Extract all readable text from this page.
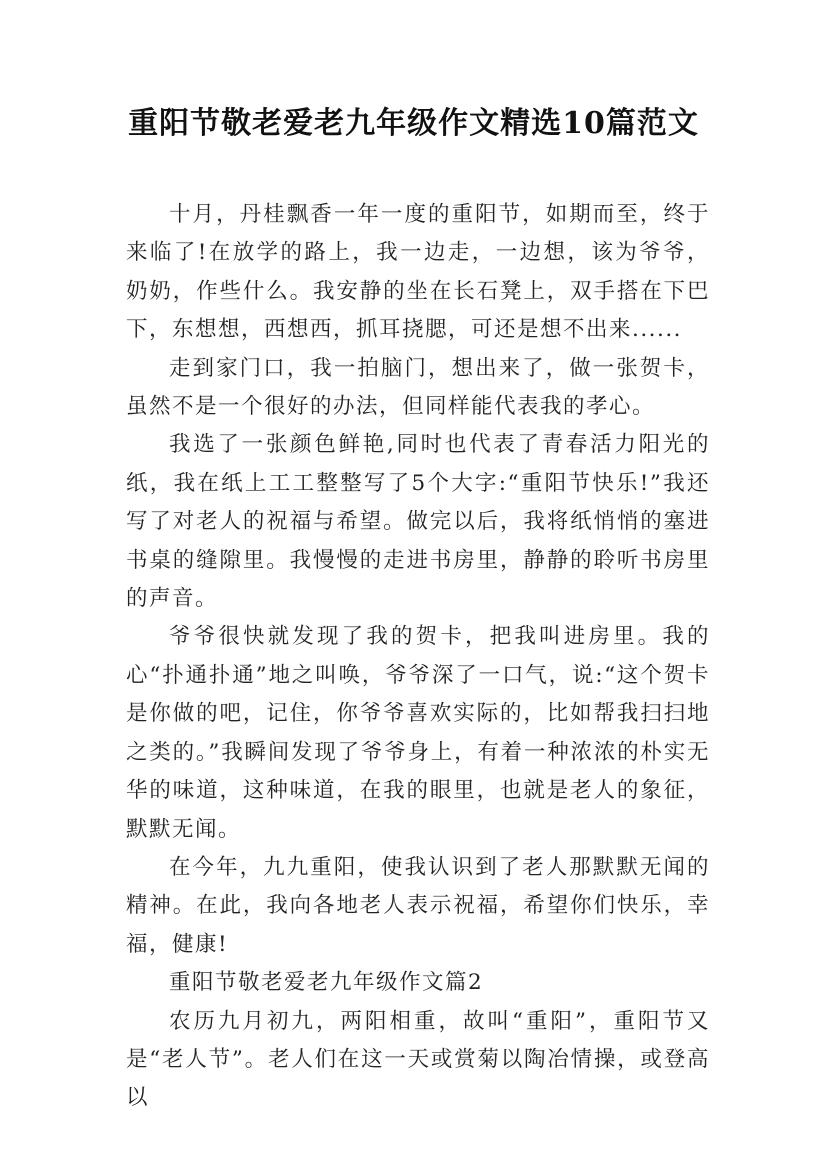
重阳节敬老爱老九年级作文精选10篇范文

十月，丹桂飘香一年一度的重阳节，如期而至，终于来临了!在放学的路上，我一边走，一边想，该为爷爷，奶奶，作些什么。我安静的坐在长石凳上，双手搭在下巴下，东想想，西想西，抓耳挠腮，可还是想不出来......

走到家门口，我一拍脑门，想出来了，做一张贺卡，虽然不是一个很好的办法，但同样能代表我的孝心。

我选了一张颜色鲜艳,同时也代表了青春活力阳光的纸，我在纸上工工整整写了5个大字:“重阳节快乐!”我还写了对老人的祝福与希望。做完以后，我将纸悄悄的塞进书桌的缝隙里。我慢慢的走进书房里，静静的聆听书房里的声音。

爷爷很快就发现了我的贺卡，把我叫进房里。我的心“扑通扑通”地之叫唤，爷爷深了一口气，说:“这个贺卡是你做的吧，记住，你爷爷喜欢实际的，比如帮我扫扫地之类的。”我瞬间发现了爷爷身上，有着一种浓浓的朴实无华的味道，这种味道，在我的眼里，也就是老人的象征，默默无闻。

在今年，九九重阳，使我认识到了老人那默默无闻的精神。在此，我向各地老人表示祝福，希望你们快乐，幸福，健康!

重阳节敬老爱老九年级作文篇2

农历九月初九，两阳相重，故叫“重阳”，重阳节又是“老人节”。老人们在这一天或赏菊以陶冶情操，或登高以
